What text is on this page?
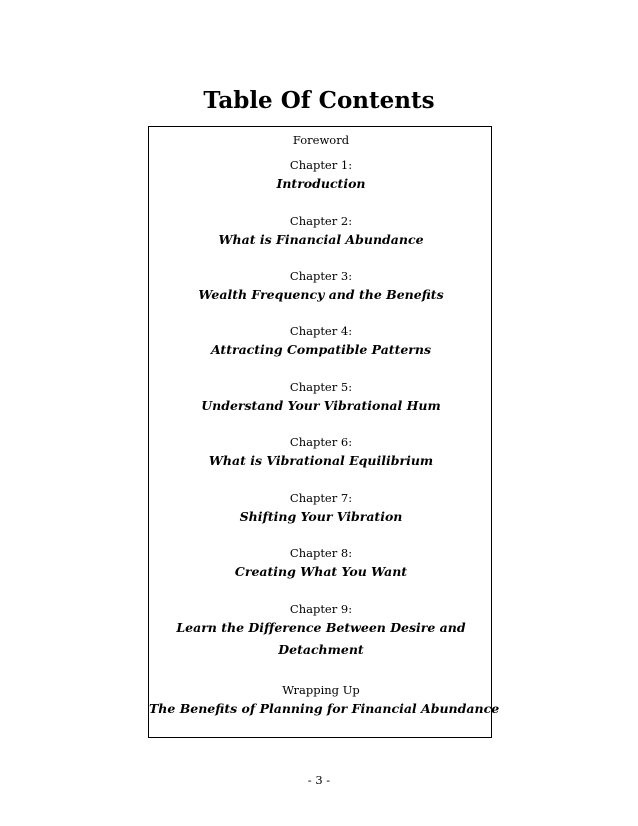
Table Of Contents
Foreword
Chapter 1:
Introduction
Chapter 2:
What is Financial Abundance
Chapter 3:
Wealth Frequency and the Benefits
Chapter 4:
Attracting Compatible Patterns
Chapter 5:
Understand Your Vibrational Hum
Chapter 6:
What is Vibrational Equilibrium
Chapter 7:
Shifting Your Vibration
Chapter 8:
Creating What You Want
Chapter 9:
Learn the Difference Between Desire and Detachment
Wrapping Up
The Benefits of Planning for Financial Abundance
- 3 -
